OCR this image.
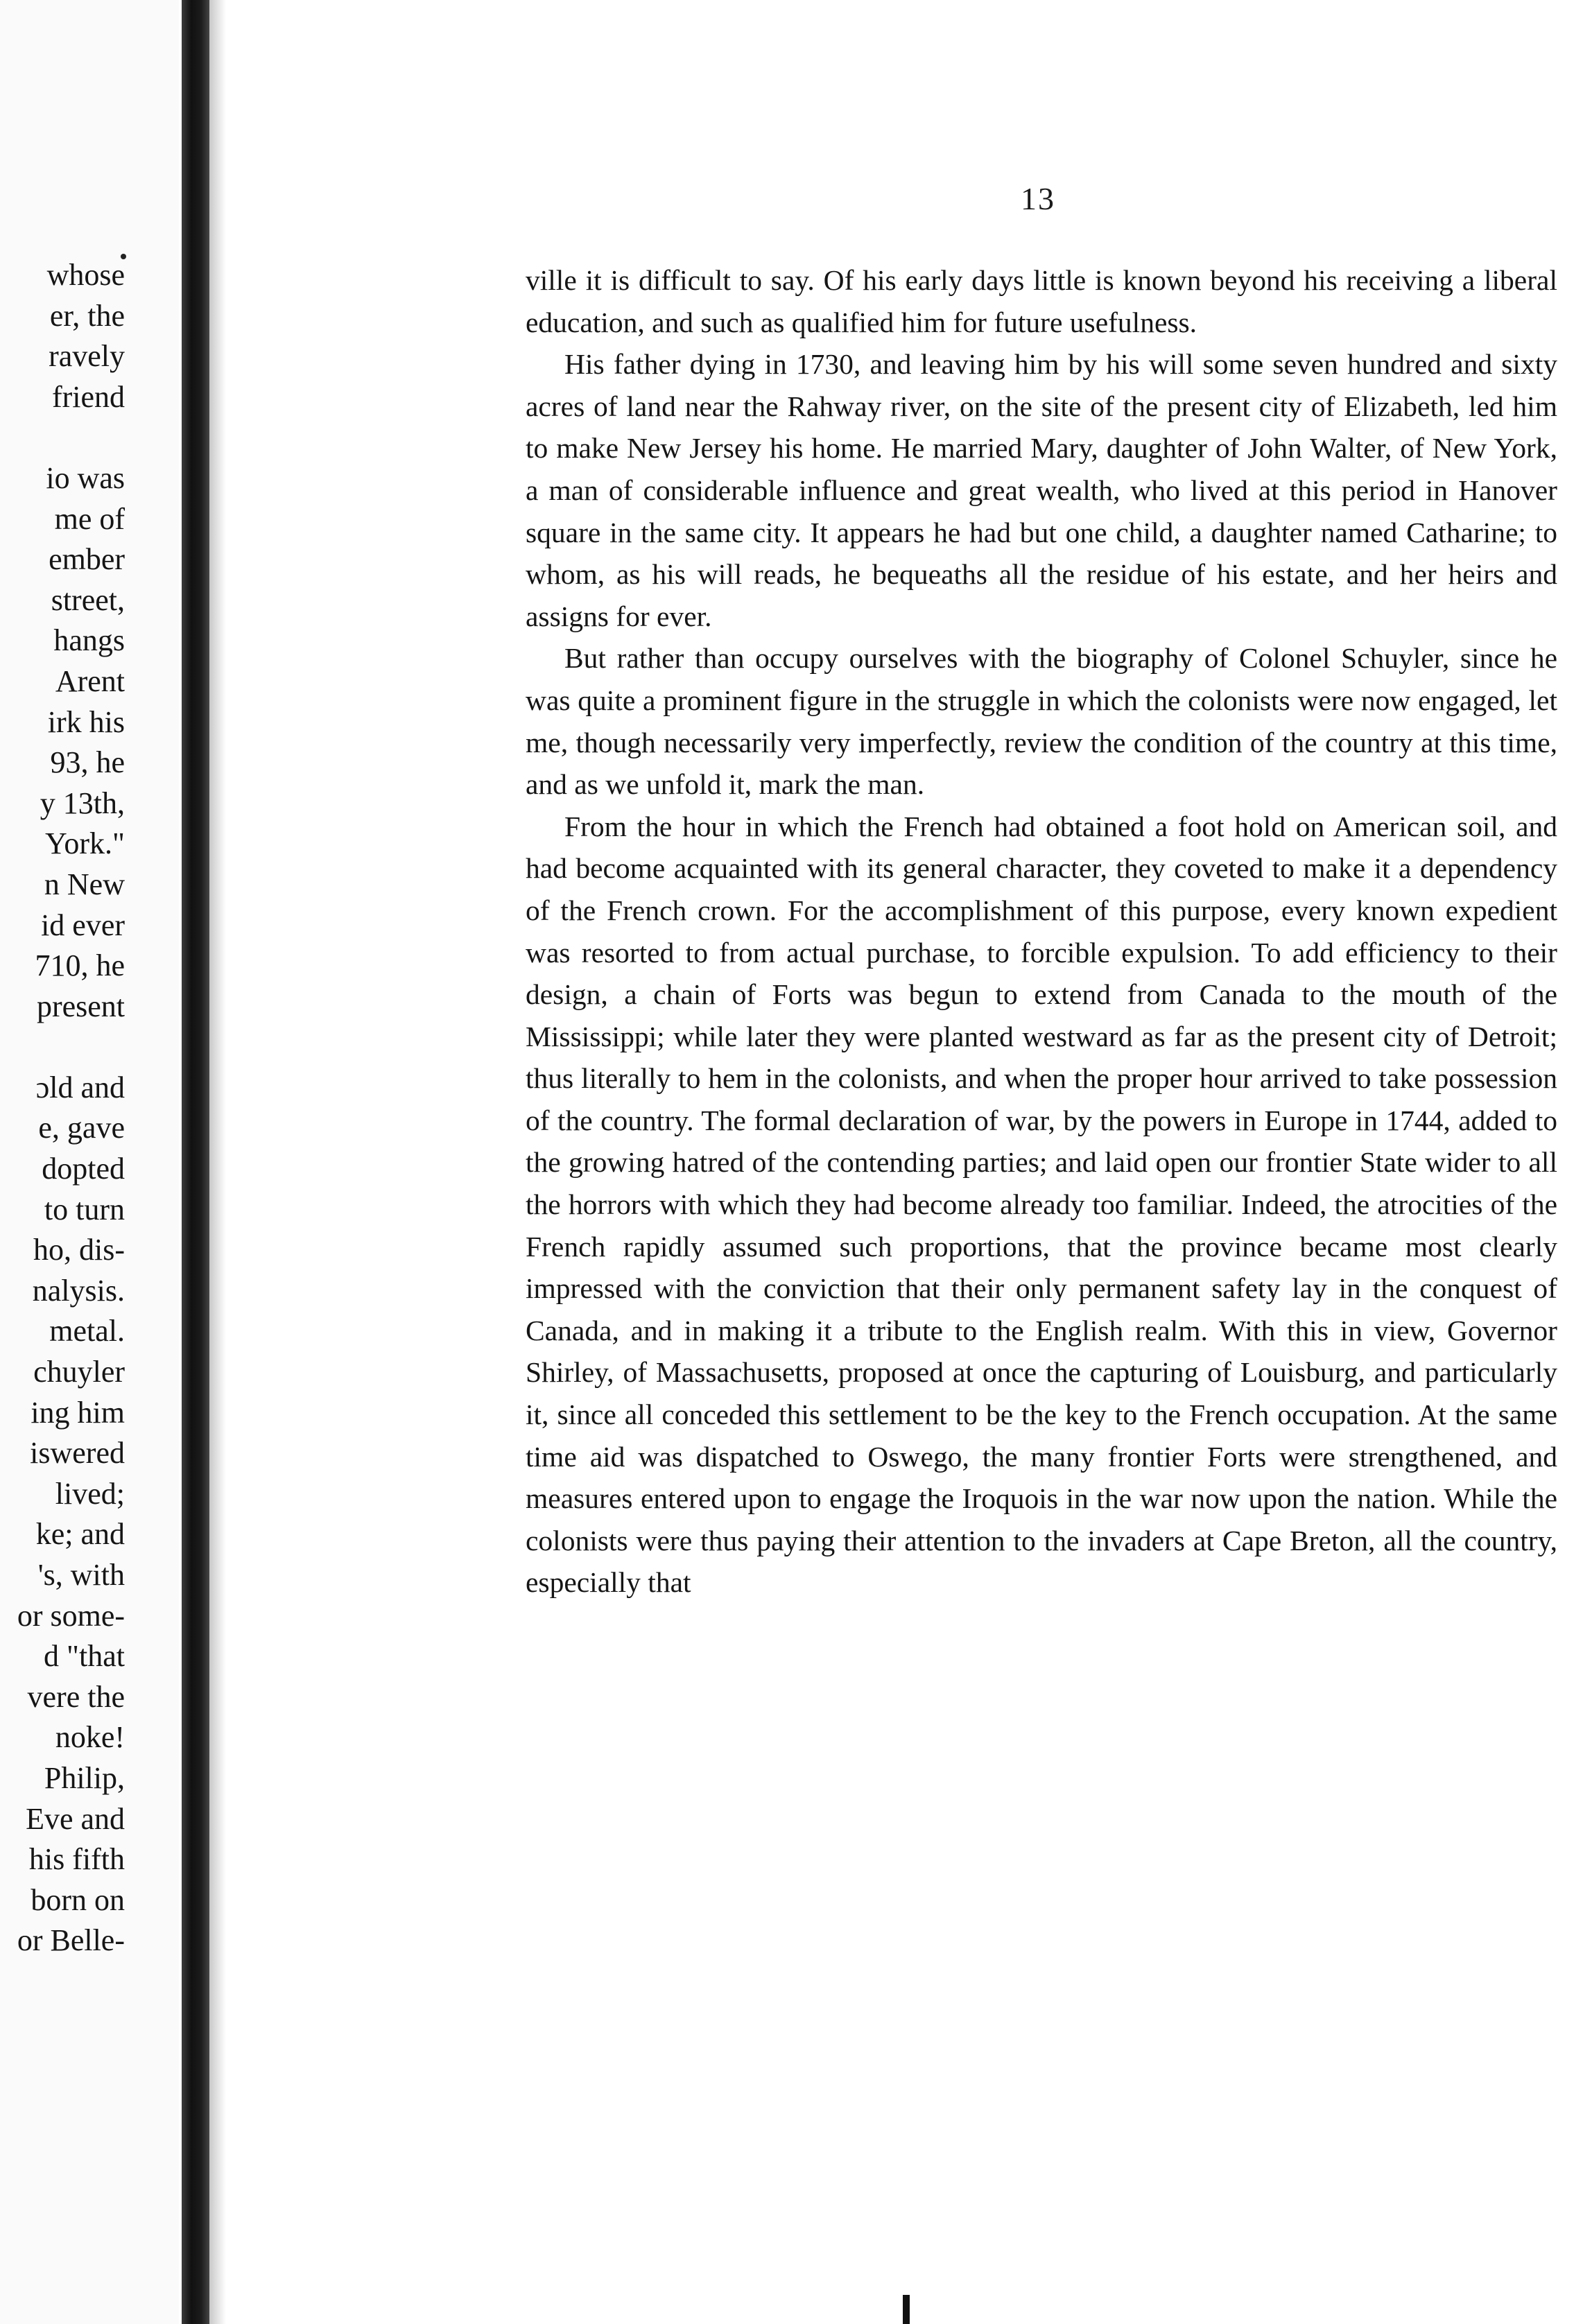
whose
er, the
ravely
friend

io was
me of
ember
street,
hangs
Arent
irk his
93, he
y 13th,
York."
n New
id ever
710, he
present

ɔld and
e, gave
dopted
to turn
ho, dis-
nalysis.
metal.
chuyler
ing him
iswered
lived;
ke; and
's, with
or some-
d "that
vere the
noke!
Philip,
Eve and
his fifth
born on
or Belle-
13

ville it is difficult to say. Of his early days little is known beyond his receiving a liberal education, and such as qualified him for future usefulness.

His father dying in 1730, and leaving him by his will some seven hundred and sixty acres of land near the Rahway river, on the site of the present city of Elizabeth, led him to make New Jersey his home. He married Mary, daughter of John Walter, of New York, a man of considerable influence and great wealth, who lived at this period in Hanover square in the same city. It appears he had but one child, a daughter named Catharine; to whom, as his will reads, he bequeaths all the residue of his estate, and her heirs and assigns for ever.

But rather than occupy ourselves with the biography of Colonel Schuyler, since he was quite a prominent figure in the struggle in which the colonists were now engaged, let me, though necessarily very imperfectly, review the condition of the country at this time, and as we unfold it, mark the man.

From the hour in which the French had obtained a foot hold on American soil, and had become acquainted with its general character, they coveted to make it a dependency of the French crown. For the accomplishment of this purpose, every known expedient was resorted to from actual purchase, to forcible expulsion. To add efficiency to their design, a chain of Forts was begun to extend from Canada to the mouth of the Mississippi; while later they were planted westward as far as the present city of Detroit; thus literally to hem in the colonists, and when the proper hour arrived to take possession of the country. The formal declaration of war, by the powers in Europe in 1744, added to the growing hatred of the contending parties; and laid open our frontier State wider to all the horrors with which they had become already too familiar. Indeed, the atrocities of the French rapidly assumed such proportions, that the province became most clearly impressed with the conviction that their only permanent safety lay in the conquest of Canada, and in making it a tribute to the English realm. With this in view, Governor Shirley, of Massachusetts, proposed at once the capturing of Louisburg, and particularly it, since all conceded this settlement to be the key to the French occupation. At the same time aid was dispatched to Oswego, the many frontier Forts were strengthened, and measures entered upon to engage the Iroquois in the war now upon the nation. While the colonists were thus paying their attention to the invaders at Cape Breton, all the country, especially that
